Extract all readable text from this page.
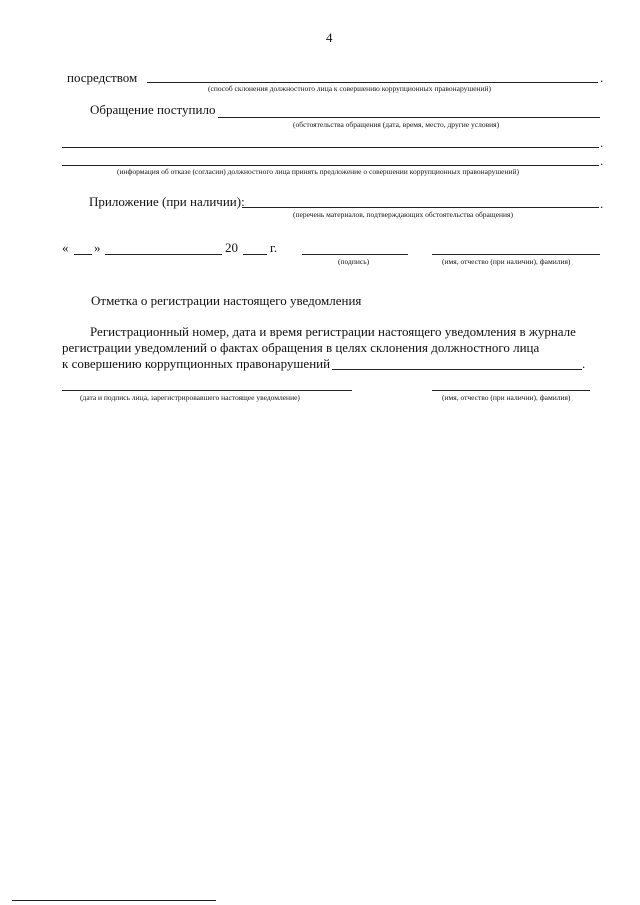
4
посредством	.
(способ склонения должностного лица к совершению коррупционных правонарушений)
Обращение поступило
(обстоятельства обращения (дата, время, место, другие условия)
.
.
(информация об отказе (согласии) должностного лица принять предложение о совершении коррупционных правонарушений)
Приложение (при наличии):	.
(перечень материалов, подтверждающих обстоятельства обращения)
« »	20 г.
(подпись)	(имя, отчество (при наличии), фамилия)
Отметка о регистрации настоящего уведомления
Регистрационный номер, дата и время регистрации настоящего уведомления в журнале
регистрации уведомлений о фактах обращения в целях склонения должностного лица
к совершению коррупционных правонарушений	.
(дата и подпись лица, зарегистрировавшего настоящее уведомление)	(имя, отчество (при наличии), фамилия)
